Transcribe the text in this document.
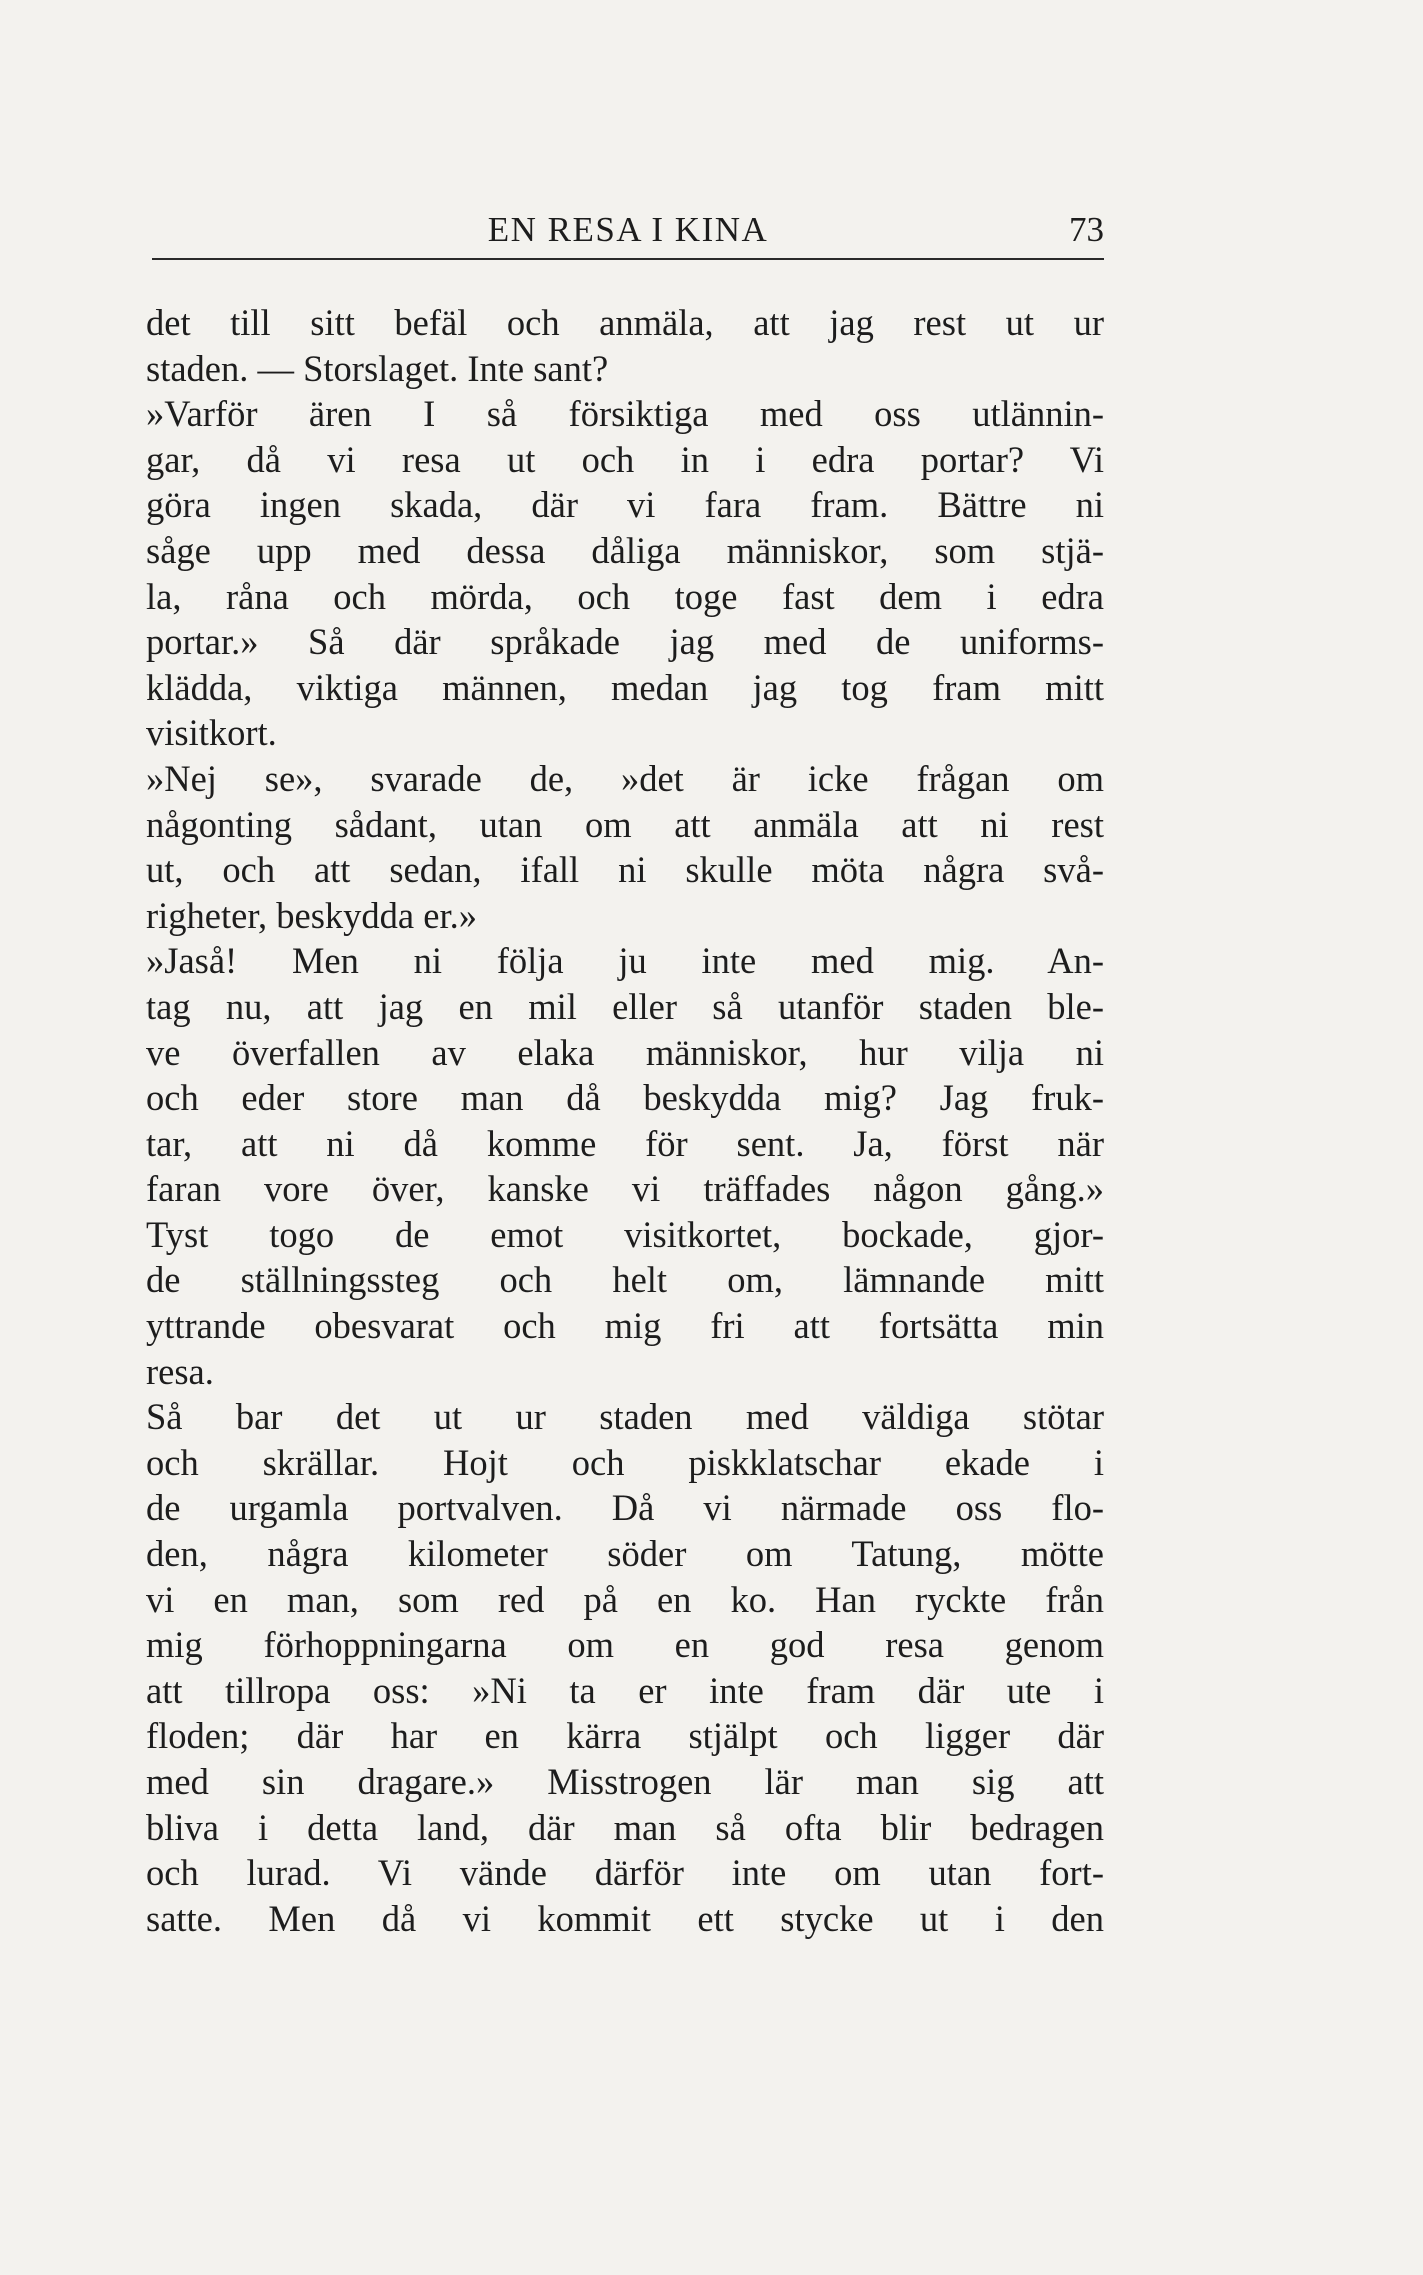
EN RESA I KINA	73
det till sitt befäl och anmäla, att jag rest ut ur
staden. — Storslaget. Inte sant?
»Varför ären I så försiktiga med oss utlännin-
gar, då vi resa ut och in i edra portar? Vi
göra ingen skada, där vi fara fram. Bättre ni
såge upp med dessa dåliga människor, som stjä-
la, råna och mörda, och toge fast dem i edra
portar.» Så där språkade jag med de uniforms-
klädda, viktiga männen, medan jag tog fram mitt
visitkort.
»Nej se», svarade de, »det är icke frågan om
någonting sådant, utan om att anmäla att ni rest
ut, och att sedan, ifall ni skulle möta några svå-
righeter, beskydda er.»
»Jaså! Men ni följa ju inte med mig. An-
tag nu, att jag en mil eller så utanför staden ble-
ve överfallen av elaka människor, hur vilja ni
och eder store man då beskydda mig? Jag fruk-
tar, att ni då komme för sent. Ja, först när
faran vore över, kanske vi träffades någon gång.»
Tyst togo de emot visitkortet, bockade, gjor-
de ställningssteg och helt om, lämnande mitt
yttrande obesvarat och mig fri att fortsätta min
resa.
Så bar det ut ur staden med väldiga stötar
och skrällar. Hojt och piskklatschar ekade i
de urgamla portvalven. Då vi närmade oss flo-
den, några kilometer söder om Tatung, mötte
vi en man, som red på en ko. Han ryckte från
mig förhoppningarna om en god resa genom
att tillropa oss: »Ni ta er inte fram där ute i
floden; där har en kärra stjälpt och ligger där
med sin dragare.» Misstrogen lär man sig att
bliva i detta land, där man så ofta blir bedragen
och lurad. Vi vände därför inte om utan fort-
satte. Men då vi kommit ett stycke ut i den
